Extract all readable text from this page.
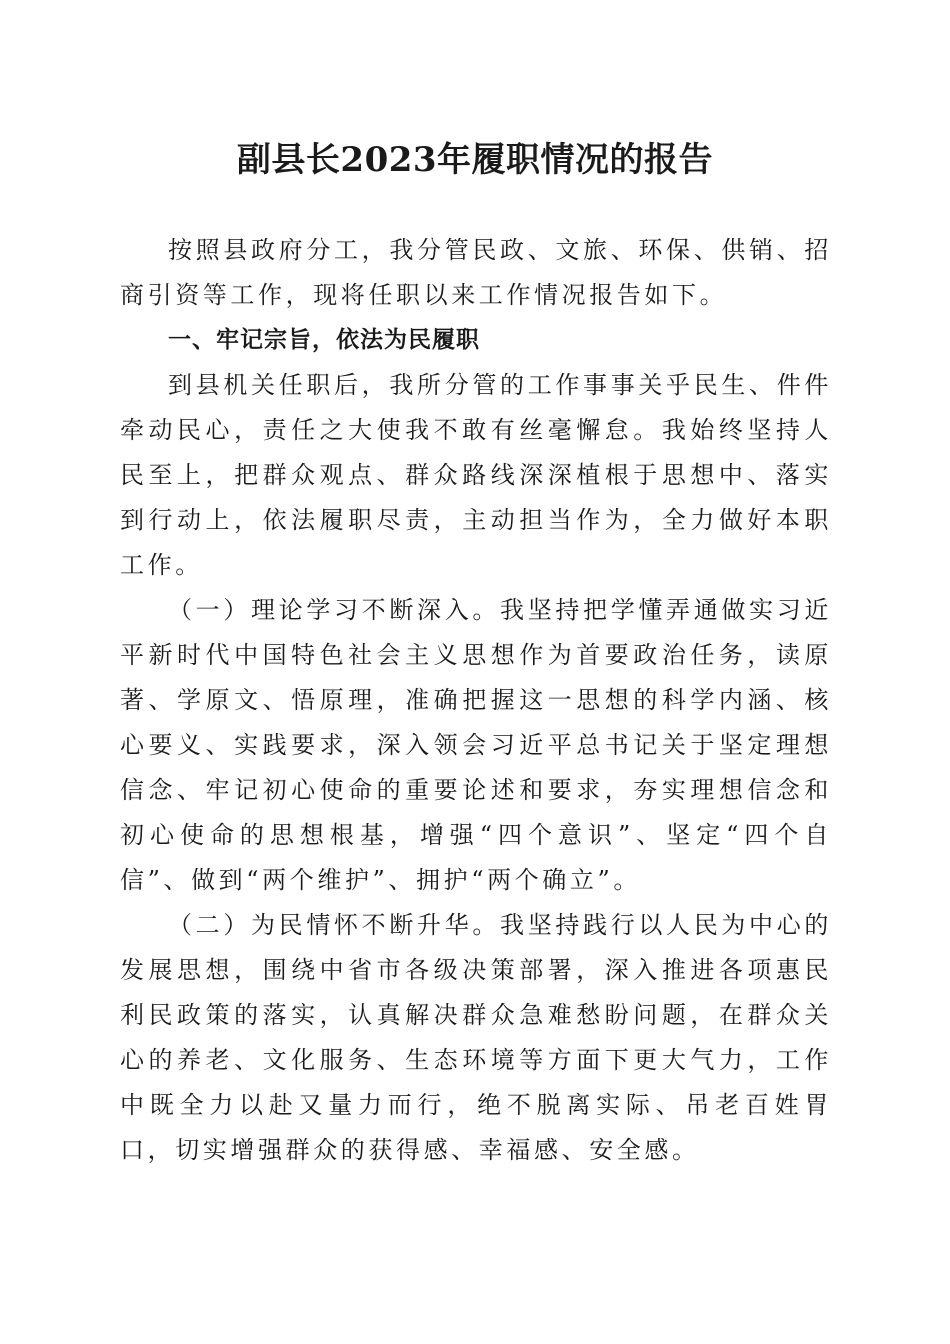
副县长2023年履职情况的报告

按照县政府分工，我分管民政、文旅、环保、供销、招商引资等工作，现将任职以来工作情况报告如下。

一、牢记宗旨，依法为民履职

到县机关任职后，我所分管的工作事事关乎民生、件件牵动民心，责任之大使我不敢有丝毫懈怠。我始终坚持人民至上，把群众观点、群众路线深深植根于思想中、落实到行动上，依法履职尽责，主动担当作为，全力做好本职工作。

（一）理论学习不断深入。我坚持把学懂弄通做实习近平新时代中国特色社会主义思想作为首要政治任务，读原著、学原文、悟原理，准确把握这一思想的科学内涵、核心要义、实践要求，深入领会习近平总书记关于坚定理想信念、牢记初心使命的重要论述和要求，夯实理想信念和初心使命的思想根基，增强“四个意识”、坚定“四个自信”、做到“两个维护”、拥护“两个确立”。

（二）为民情怀不断升华。我坚持践行以人民为中心的发展思想，围绕中省市各级决策部署，深入推进各项惠民利民政策的落实，认真解决群众急难愁盼问题，在群众关心的养老、文化服务、生态环境等方面下更大气力，工作中既全力以赴又量力而行，绝不脱离实际、吊老百姓胃口，切实增强群众的获得感、幸福感、安全感。
